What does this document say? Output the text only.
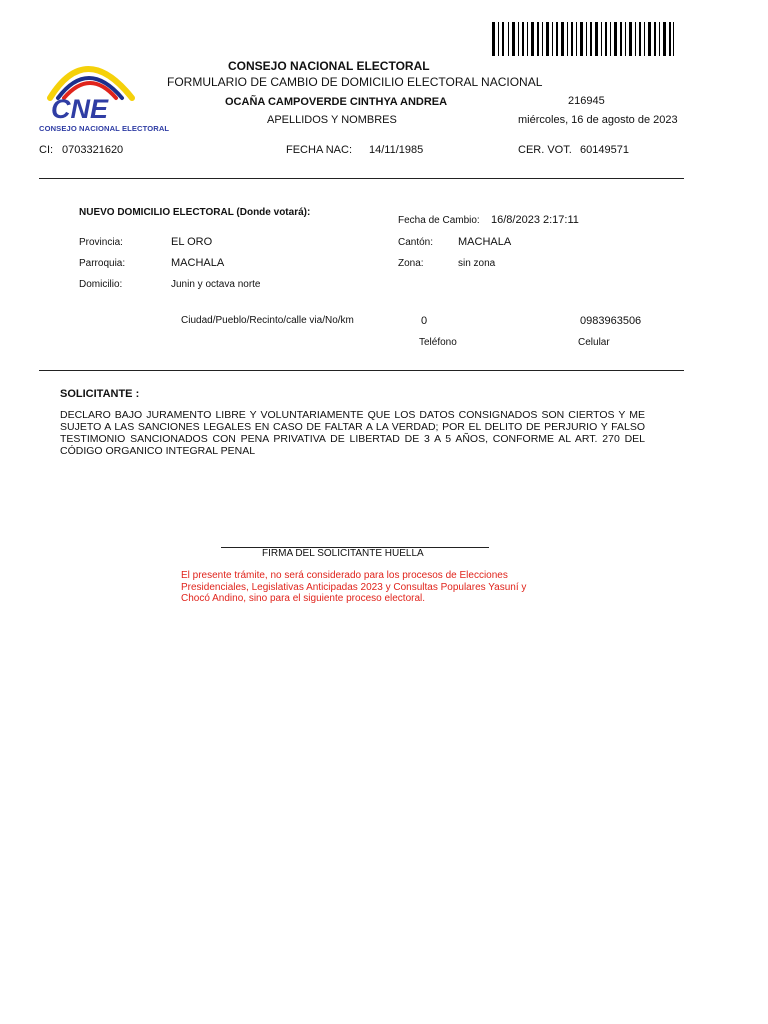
CNE
CONSEJO NACIONAL ELECTORAL
CONSEJO NACIONAL ELECTORAL
FORMULARIO DE CAMBIO DE DOMICILIO ELECTORAL NACIONAL
OCAÑA CAMPOVERDE CINTHYA ANDREA
APELLIDOS Y NOMBRES
216945
miércoles, 16 de agosto de 2023
CI: 0703321620	FECHA NAC: 14/11/1985	CER. VOT. 60149571
NUEVO DOMICILIO ELECTORAL (Donde votará):
Fecha de Cambio: 16/8/2023 2:17:11
Provincia:	EL ORO	Cantón: MACHALA
Parroquia:	MACHALA	Zona:	sin zona
Domicilio:	Junin y octava norte
Ciudad/Pueblo/Recinto/calle via/No/km	0	0983963506
Teléfono	Celular
SOLICITANTE :
DECLARO BAJO JURAMENTO LIBRE Y VOLUNTARIAMENTE QUE LOS DATOS CONSIGNADOS SON CIERTOS Y ME SUJETO A LAS SANCIONES LEGALES EN CASO DE FALTAR A LA VERDAD; POR EL DELITO DE PERJURIO Y FALSO TESTIMONIO SANCIONADOS CON PENA PRIVATIVA DE LIBERTAD DE 3 A 5 AÑOS, CONFORME AL ART. 270 DEL CÓDIGO ORGANICO INTEGRAL PENAL
FIRMA DEL SOLICITANTE HUELLA
El presente trámite, no será considerado para los procesos de Elecciones Presidenciales, Legislativas Anticipadas 2023 y Consultas Populares Yasuní y Chocó Andino, sino para el siguiente proceso electoral.
